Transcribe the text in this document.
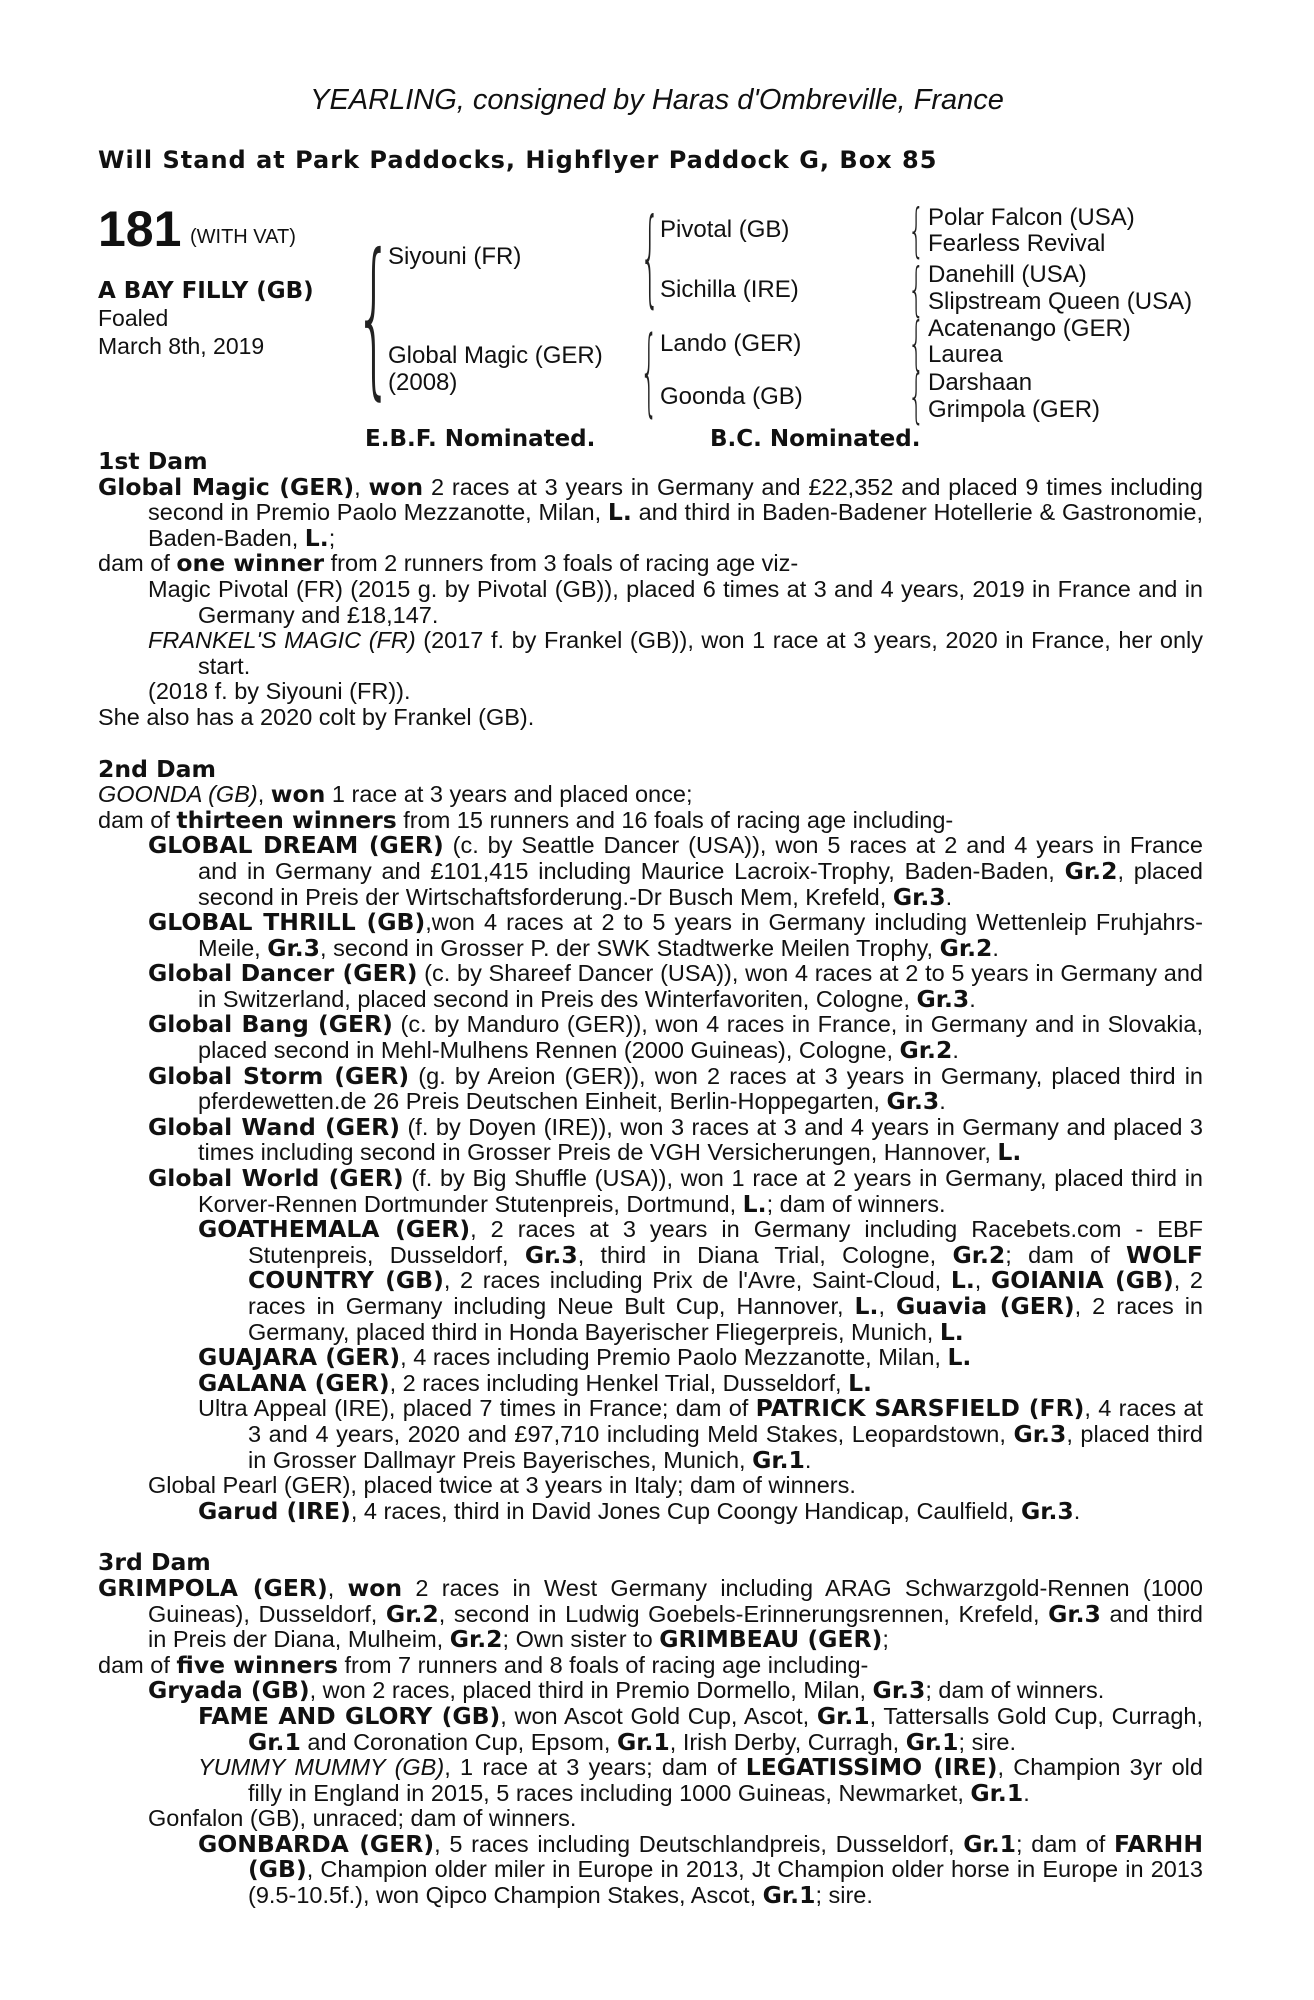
YEARLING, consigned by Haras d'Ombreville, France
Will Stand at Park Paddocks, Highflyer Paddock G, Box 85
181 (WITH VAT)
A BAY FILLY (GB)
Foaled
March 8th, 2019 {
Siyouni (FR)
Global Magic (GER)
(2008)
{ Pivotal (GB)
Sichilla (IRE)
{ Lando (GER)
Goonda (GB)
{ Polar Falcon (USA)
Fearless Revival
{ Danehill (USA)
Slipstream Queen (USA)
{ Acatenango (GER)
Laurea
{ Darshaan
Grimpola (GER)
E.B.F. Nominated.	B.C. Nominated.

1st Dam

Global Magic (GER), won 2 races at 3 years in Germany and £22,352 and placed 9 times including second in Premio Paolo Mezzanotte, Milan, L. and third in Baden-Badener Hotellerie & Gastronomie, Baden-Baden, L.;

dam of one winner from 2 runners from 3 foals of racing age viz-

Magic Pivotal (FR) (2015 g. by Pivotal (GB)), placed 6 times at 3 and 4 years, 2019 in France and in Germany and £18,147.

FRANKEL'S MAGIC (FR) (2017 f. by Frankel (GB)), won 1 race at 3 years, 2020 in France, her only start.

(2018 f. by Siyouni (FR)).

She also has a 2020 colt by Frankel (GB).

2nd Dam

GOONDA (GB), won 1 race at 3 years and placed once;

dam of thirteen winners from 15 runners and 16 foals of racing age including-

GLOBAL DREAM (GER) (c. by Seattle Dancer (USA)), won 5 races at 2 and 4 years in France and in Germany and £101,415 including Maurice Lacroix-Trophy, Baden-Baden, Gr.2, placed second in Preis der Wirtschaftsforderung.-Dr Busch Mem, Krefeld, Gr.3.

GLOBAL THRILL (GB),won 4 races at 2 to 5 years in Germany including Wettenleip Fruhjahrs-Meile, Gr.3, second in Grosser P. der SWK Stadtwerke Meilen Trophy, Gr.2.

Global Dancer (GER) (c. by Shareef Dancer (USA)), won 4 races at 2 to 5 years in Germany and in Switzerland, placed second in Preis des Winterfavoriten, Cologne, Gr.3.

Global Bang (GER) (c. by Manduro (GER)), won 4 races in France, in Germany and in Slovakia, placed second in Mehl-Mulhens Rennen (2000 Guineas), Cologne, Gr.2.

Global Storm (GER) (g. by Areion (GER)), won 2 races at 3 years in Germany, placed third in pferdewetten.de 26 Preis Deutschen Einheit, Berlin-Hoppegarten, Gr.3.

Global Wand (GER) (f. by Doyen (IRE)), won 3 races at 3 and 4 years in Germany and placed 3 times including second in Grosser Preis de VGH Versicherungen, Hannover, L.

Global World (GER) (f. by Big Shuffle (USA)), won 1 race at 2 years in Germany, placed third in Korver-Rennen Dortmunder Stutenpreis, Dortmund, L.; dam of winners.

GOATHEMALA (GER), 2 races at 3 years in Germany including Racebets.com - EBF Stutenpreis, Dusseldorf, Gr.3, third in Diana Trial, Cologne, Gr.2; dam of WOLF COUNTRY (GB), 2 races including Prix de l'Avre, Saint-Cloud, L., GOIANIA (GB), 2 races in Germany including Neue Bult Cup, Hannover, L., Guavia (GER), 2 races in Germany, placed third in Honda Bayerischer Fliegerpreis, Munich, L.

GUAJARA (GER), 4 races including Premio Paolo Mezzanotte, Milan, L.

GALANA (GER), 2 races including Henkel Trial, Dusseldorf, L.

Ultra Appeal (IRE), placed 7 times in France; dam of PATRICK SARSFIELD (FR), 4 races at 3 and 4 years, 2020 and £97,710 including Meld Stakes, Leopardstown, Gr.3, placed third in Grosser Dallmayr Preis Bayerisches, Munich, Gr.1.

Global Pearl (GER), placed twice at 3 years in Italy; dam of winners.

Garud (IRE), 4 races, third in David Jones Cup Coongy Handicap, Caulfield, Gr.3.

3rd Dam

GRIMPOLA (GER), won 2 races in West Germany including ARAG Schwarzgold-Rennen (1000 Guineas), Dusseldorf, Gr.2, second in Ludwig Goebels-Erinnerungsrennen, Krefeld, Gr.3 and third in Preis der Diana, Mulheim, Gr.2; Own sister to GRIMBEAU (GER);

dam of five winners from 7 runners and 8 foals of racing age including-

Gryada (GB), won 2 races, placed third in Premio Dormello, Milan, Gr.3; dam of winners.

FAME AND GLORY (GB), won Ascot Gold Cup, Ascot, Gr.1, Tattersalls Gold Cup, Curragh, Gr.1 and Coronation Cup, Epsom, Gr.1, Irish Derby, Curragh, Gr.1; sire.

YUMMY MUMMY (GB), 1 race at 3 years; dam of LEGATISSIMO (IRE), Champion 3yr old filly in England in 2015, 5 races including 1000 Guineas, Newmarket, Gr.1.

Gonfalon (GB), unraced; dam of winners.

GONBARDA (GER), 5 races including Deutschlandpreis, Dusseldorf, Gr.1; dam of FARHH (GB), Champion older miler in Europe in 2013, Jt Champion older horse in Europe in 2013 (9.5-10.5f.), won Qipco Champion Stakes, Ascot, Gr.1; sire.
